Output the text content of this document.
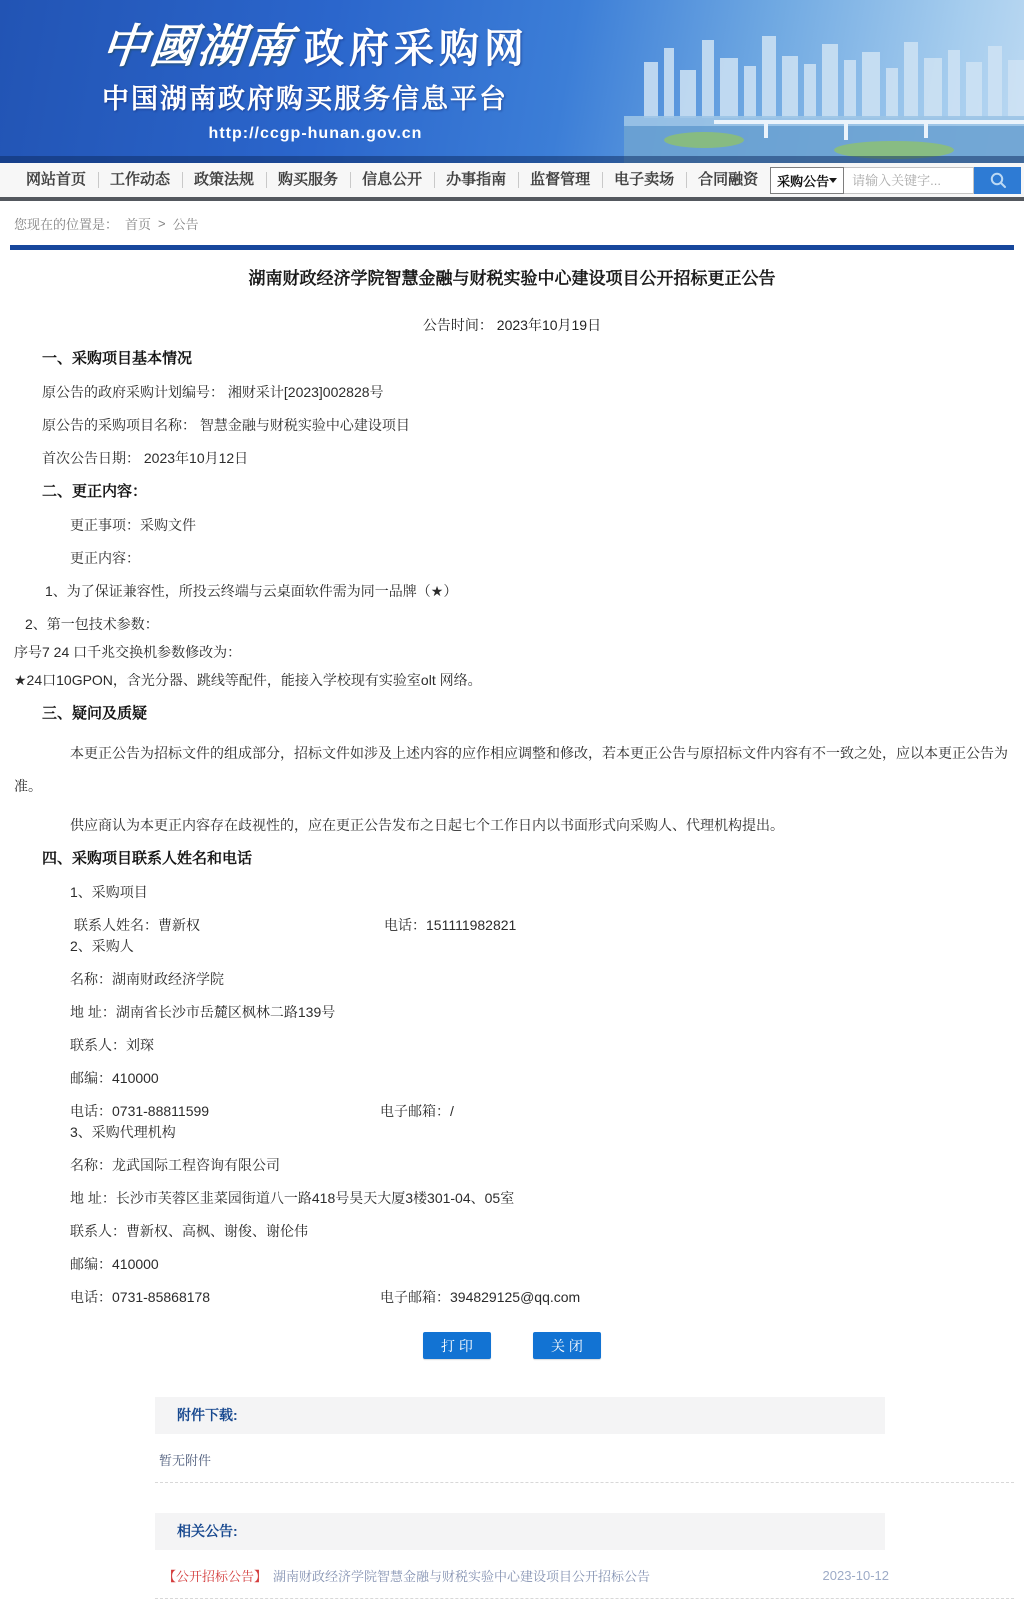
中國湖南 政府采购网
中国湖南政府购买服务信息平台
http://ccgp-hunan.gov.cn
网站首页	工作动态	政策法规	购买服务	信息公开	办事指南	监督管理	电子卖场	合同融资	采购公告
请输入关键字...
您现在的位置是： 首页 > 公告
湖南财政经济学院智慧金融与财税实验中心建设项目公开招标更正公告
公告时间： 2023年10月19日
一、采购项目基本情况

原公告的政府采购计划编号： 湘财采计[2023]002828号

原公告的采购项目名称： 智慧金融与财税实验中心建设项目

首次公告日期： 2023年10月12日

二、更正内容：

更正事项：采购文件

更正内容：

1、为了保证兼容性，所投云终端与云桌面软件需为同一品牌（★）

2、第一包技术参数：

序号7 24 口千兆交换机参数修改为：

★24口10GPON，含光分器、跳线等配件，能接入学校现有实验室olt 网络。

三、疑问及质疑

本更正公告为招标文件的组成部分，招标文件如涉及上述内容的应作相应调整和修改，若本更正公告与原招标文件内容有不一致之处，应以本更正公告为准。

供应商认为本更正内容存在歧视性的，应在更正公告发布之日起七个工作日内以书面形式向采购人、代理机构提出。

四、采购项目联系人姓名和电话

1、采购项目

联系人姓名：曹新权	电话：151111982821

2、采购人

名称：湖南财政经济学院

地 址：湖南省长沙市岳麓区枫林二路139号

联系人：刘琛

邮编：410000

电话：0731-88811599	电子邮箱：/

3、采购代理机构

名称：龙武国际工程咨询有限公司

地 址：长沙市芙蓉区韭菜园街道八一路418号昊天大厦3楼301-04、05室

联系人：曹新权、高枫、谢俊、谢伦伟

邮编：410000

电话：0731-85868178	电子邮箱：394829125@qq.com
打 印	关 闭
附件下载:
暂无附件
相关公告:
【公开招标公告】 湖南财政经济学院智慧金融与财税实验中心建设项目公开招标公告	2023-10-12
